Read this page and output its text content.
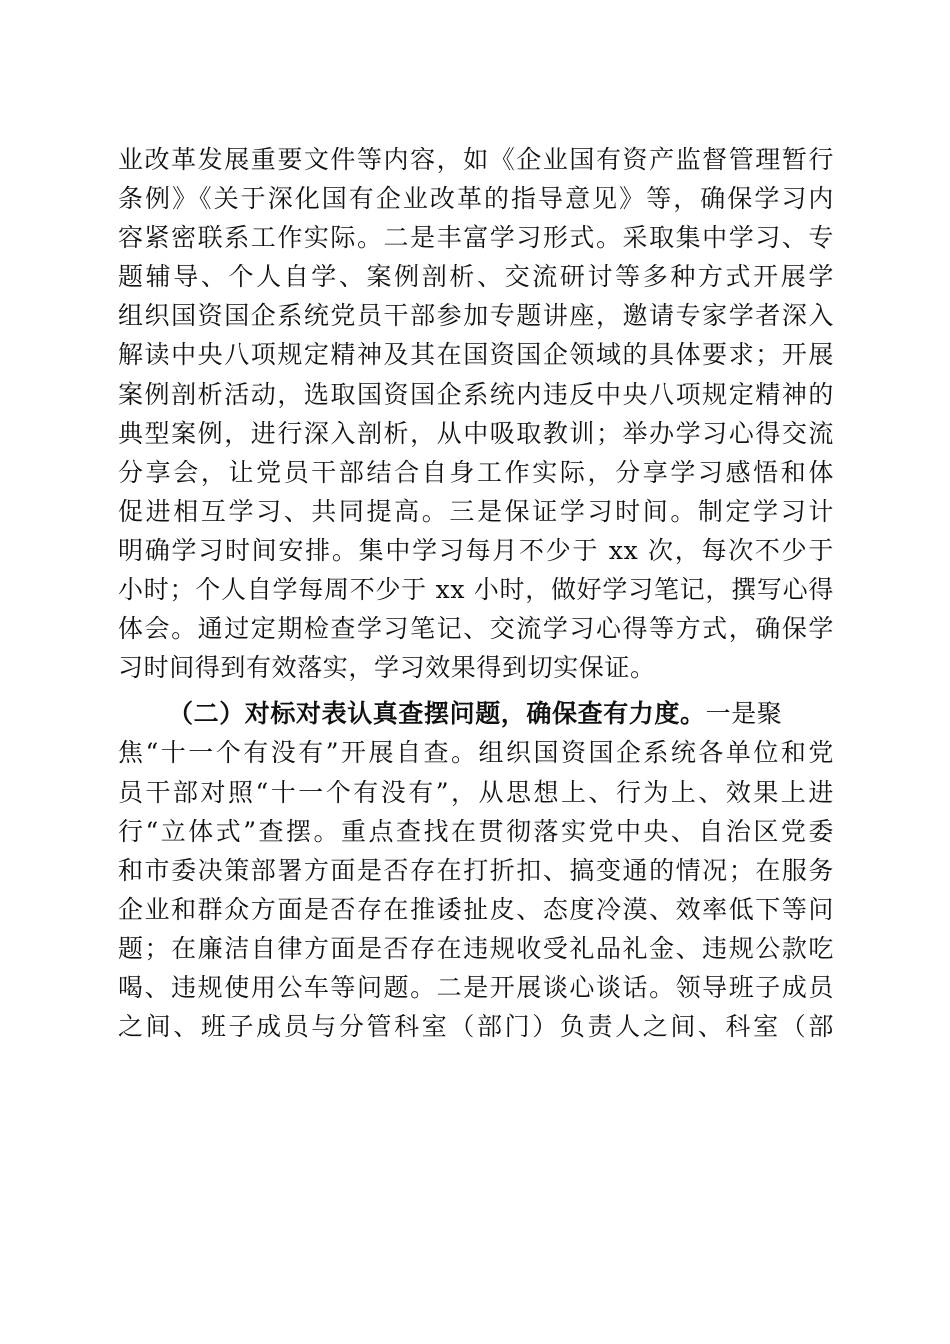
业改革发展重要文件等内容，如《企业国有资产监督管理暂行
条例》《关于深化国有企业改革的指导意见》等，确保学习内
容紧密联系工作实际。二是丰富学习形式。采取集中学习、专
题辅导、个人自学、案例剖析、交流研讨等多种方式开展学
组织国资国企系统党员干部参加专题讲座，邀请专家学者深入
解读中央八项规定精神及其在国资国企领域的具体要求；开展
案例剖析活动，选取国资国企系统内违反中央八项规定精神的
典型案例，进行深入剖析，从中吸取教训；举办学习心得交流
分享会，让党员干部结合自身工作实际，分享学习感悟和体
促进相互学习、共同提高。三是保证学习时间。制定学习计
明确学习时间安排。集中学习每月不少于 xx 次，每次不少于
小时；个人自学每周不少于 xx 小时，做好学习笔记，撰写心得
体会。通过定期检查学习笔记、交流学习心得等方式，确保学
习时间得到有效落实，学习效果得到切实保证。
（二）对标对表认真查摆问题，确保查有力度。一是聚
焦“十一个有没有”开展自查。组织国资国企系统各单位和党
员干部对照“十一个有没有”，从思想上、行为上、效果上进
行“立体式”查摆。重点查找在贯彻落实党中央、自治区党委
和市委决策部署方面是否存在打折扣、搞变通的情况；在服务
企业和群众方面是否存在推诿扯皮、态度冷漠、效率低下等问
题；在廉洁自律方面是否存在违规收受礼品礼金、违规公款吃
喝、违规使用公车等问题。二是开展谈心谈话。领导班子成员
之间、班子成员与分管科室（部门）负责人之间、科室（部
